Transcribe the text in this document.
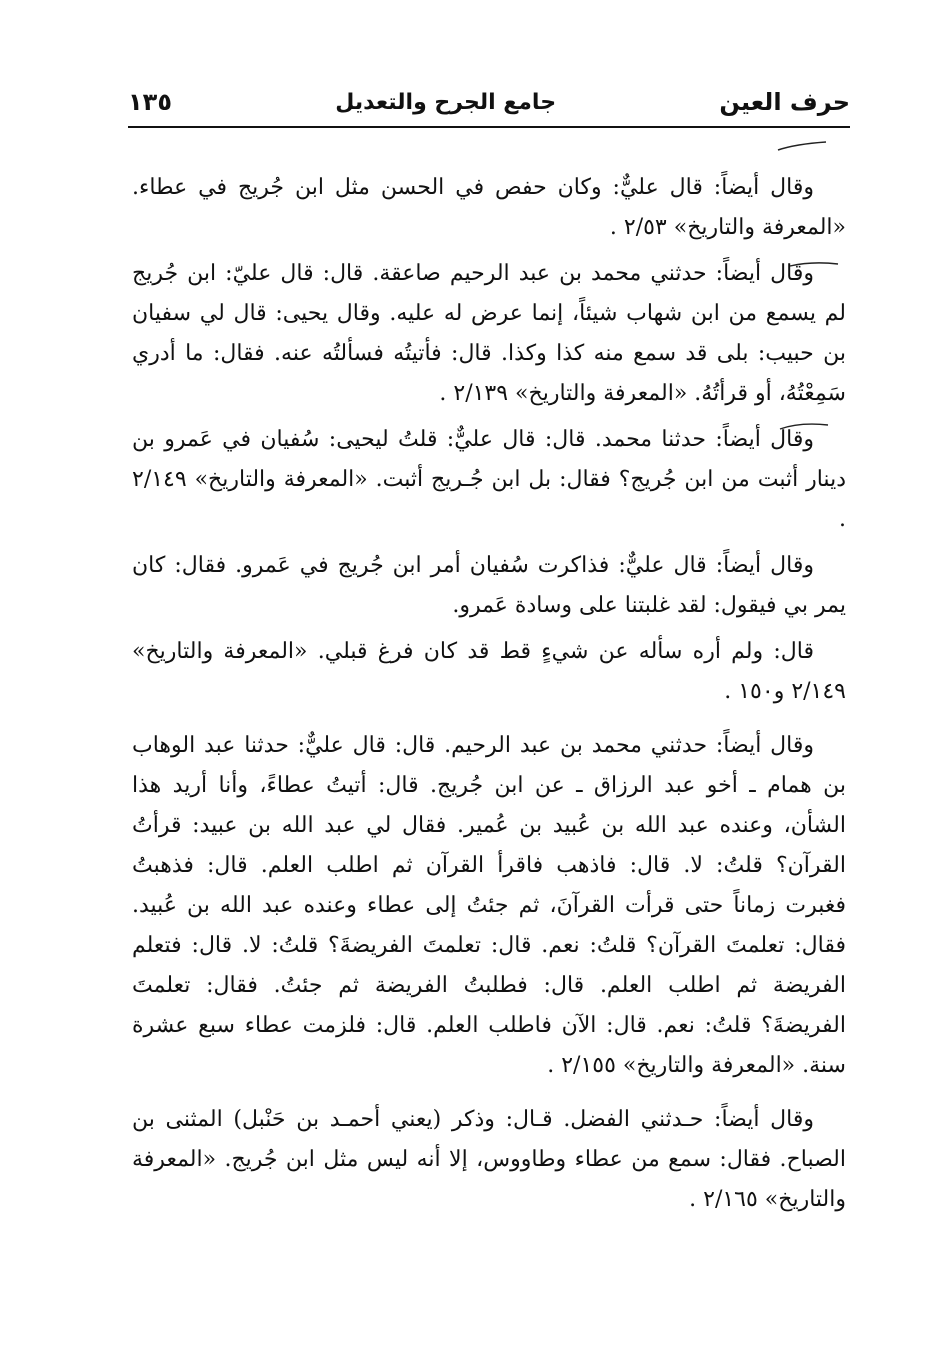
حرف العين
جامع الجرح والتعديل
١٣٥

وقال أيضاً: قال عليٌّ: وكان حفص في الحسن مثل ابن جُريج في عطاء. «المعرفة والتاريخ» ٢/٥٣ .

وقال أيضاً: حدثني محمد بن عبد الرحيم صاعقة. قال: قال عليّ: ابن جُريج لم يسمع من ابن شهاب شيئاً، إنما عرض له عليه. وقال يحيى: قال لي سفيان بن حبيب: بلى قد سمع منه كذا وكذا. قال: فأتيتُه فسألتُه عنه. فقال: ما أدري سَمِعْتُهُ، أو قرأتُهُ. «المعرفة والتاريخ» ٢/١٣٩ .

وقال أيضاً: حدثنا محمد. قال: قال عليٌّ: قلتُ ليحيى: سُفيان في عَمرو بن دينار أثبت من ابن جُريج؟ فقال: بل ابن جُـريج أثبت. «المعرفة والتاريخ» ٢/١٤٩ .

وقال أيضاً: قال عليٌّ: فذاكرت سُفيان أمر ابن جُريج في عَمرو. فقال: كان يمر بي فيقول: لقد غلبتنا على وسادة عَمرو.

قال: ولم أره سأله عن شيءٍ قط قد كان فرغ قبلي. «المعرفة والتاريخ» ٢/١٤٩ و١٥٠ .

وقال أيضاً: حدثني محمد بن عبد الرحيم. قال: قال عليٌّ: حدثنا عبد الوهاب بن همام ـ أخو عبد الرزاق ـ عن ابن جُريج. قال: أتيتُ عطاءً، وأنا أريد هذا الشأن، وعنده عبد الله بن عُبيد بن عُمير. فقال لي عبد الله بن عبيد: قرأتُ القرآن؟ قلتُ: لا. قال: فاذهب فاقرأ القرآن ثم اطلب العلم. قال: فذهبتُ فغبرت زماناً حتى قرأت القرآنَ، ثم جئتُ إلى عطاء وعنده عبد الله بن عُبيد. فقال: تعلمتَ القرآن؟ قلتُ: نعم. قال: تعلمتَ الفريضةَ؟ قلتُ: لا. قال: فتعلم الفريضة ثم اطلب العلم. قال: فطلبتُ الفريضة ثم جئتُ. فقال: تعلمتَ الفريضةَ؟ قلتُ: نعم. قال: الآن فاطلب العلم. قال: فلزمت عطاء سبع عشرة سنة. «المعرفة والتاريخ» ٢/١٥٥ .

وقال أيضاً: حـدثني الفضل. قـال: وذكر (يعني أحمـد بن حَنْبل) المثنى بن الصباح. فقال: سمع من عطاء وطاووس، إلا أنه ليس مثل ابن جُريج. «المعرفة والتاريخ» ٢/١٦٥ .
